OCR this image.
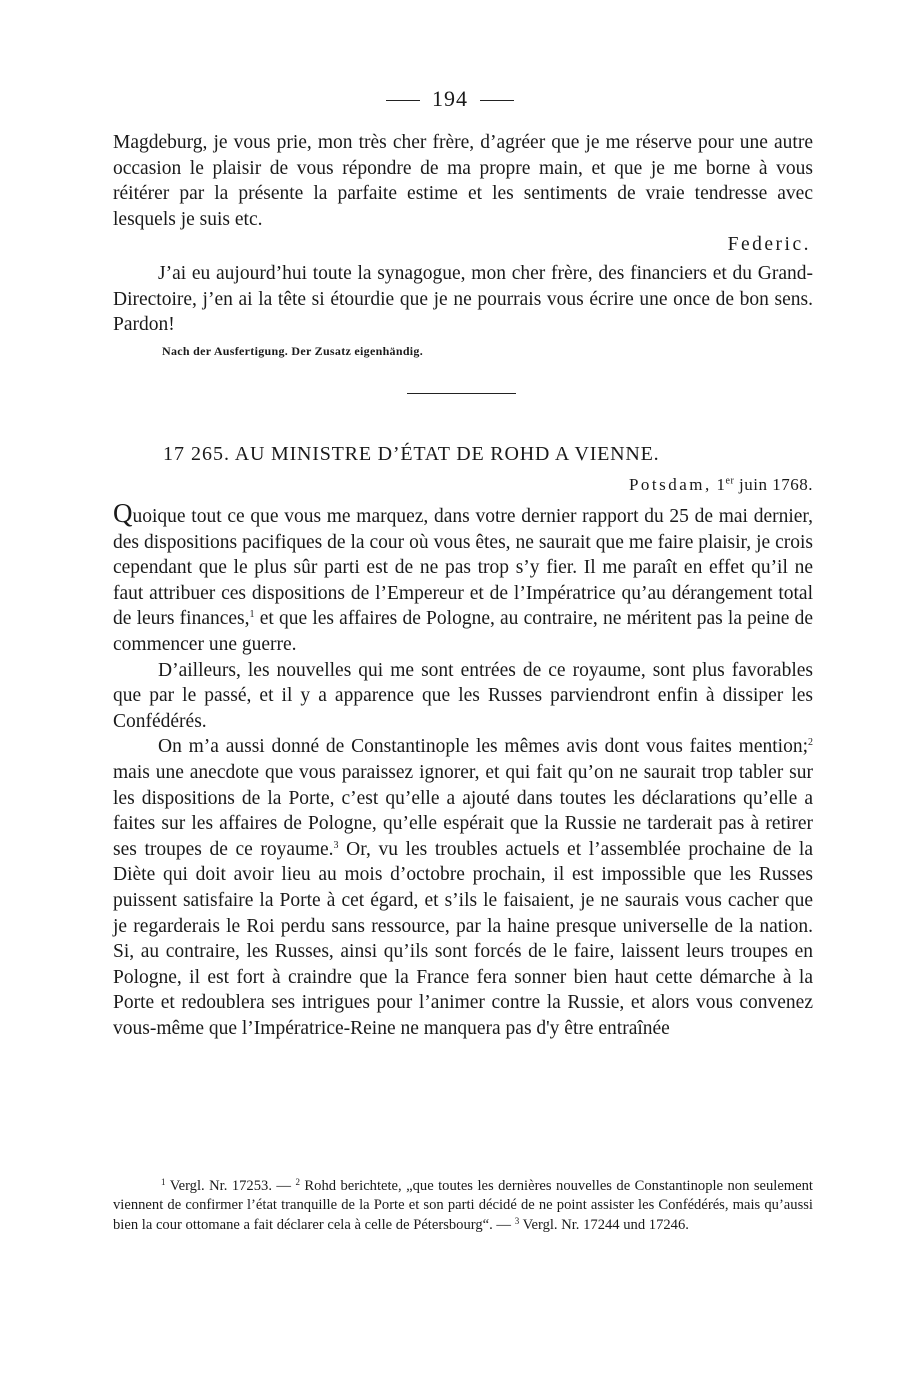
194

Magdeburg, je vous prie, mon très cher frère, d’agréer que je me réserve pour une autre occasion le plaisir de vous répondre de ma propre main, et que je me borne à vous réitérer par la présente la parfaite estime et les sentiments de vraie tendresse avec lesquels je suis etc.

Federic.

J’ai eu aujourd’hui toute la synagogue, mon cher frère, des financiers et du Grand-Directoire, j’en ai la tête si étourdie que je ne pourrais vous écrire une once de bon sens. Pardon!

Nach der Ausfertigung. Der Zusatz eigenhändig.
17 265. AU MINISTRE D’ÉTAT DE ROHD A VIENNE.
Potsdam, 1er juin 1768.

Quoique tout ce que vous me marquez, dans votre dernier rapport du 25 de mai dernier, des dispositions pacifiques de la cour où vous êtes, ne saurait que me faire plaisir, je crois cependant que le plus sûr parti est de ne pas trop s’y fier. Il me paraît en effet qu’il ne faut attribuer ces dispositions de l’Empereur et de l’Impératrice qu’au dérangement total de leurs finances,$^1$ et que les affaires de Pologne, au contraire, ne méritent pas la peine de commencer une guerre.

D’ailleurs, les nouvelles qui me sont entrées de ce royaume, sont plus favorables que par le passé, et il y a apparence que les Russes parviendront enfin à dissiper les Confédérés.

On m’a aussi donné de Constantinople les mêmes avis dont vous faites mention;$^2$ mais une anecdote que vous paraissez ignorer, et qui fait qu’on ne saurait trop tabler sur les dispositions de la Porte, c’est qu’elle a ajouté dans toutes les déclarations qu’elle a faites sur les affaires de Pologne, qu’elle espérait que la Russie ne tarderait pas à retirer ses troupes de ce royaume.$^3$ Or, vu les troubles actuels et l’assemblée prochaine de la Diète qui doit avoir lieu au mois d’octobre prochain, il est impossible que les Russes puissent satisfaire la Porte à cet égard, et s’ils le faisaient, je ne saurais vous cacher que je regarderais le Roi perdu sans ressource, par la haine presque universelle de la nation. Si, au contraire, les Russes, ainsi qu’ils sont forcés de le faire, laissent leurs troupes en Pologne, il est fort à craindre que la France fera sonner bien haut cette démarche à la Porte et redoublera ses intrigues pour l’animer contre la Russie, et alors vous convenez vous-même que l’Impératrice-Reine ne manquera pas d'y être entraînée

$^1$ Vergl. Nr. 17253. — $^2$ Rohd berichtete, „que toutes les dernières nouvelles de Constantinople non seulement viennent de confirmer l’état tranquille de la Porte et son parti décidé de ne point assister les Confédérés, mais qu’aussi bien la cour ottomane a fait déclarer cela à celle de Pétersbourg“. — $^3$ Vergl. Nr. 17244 und 17246.
